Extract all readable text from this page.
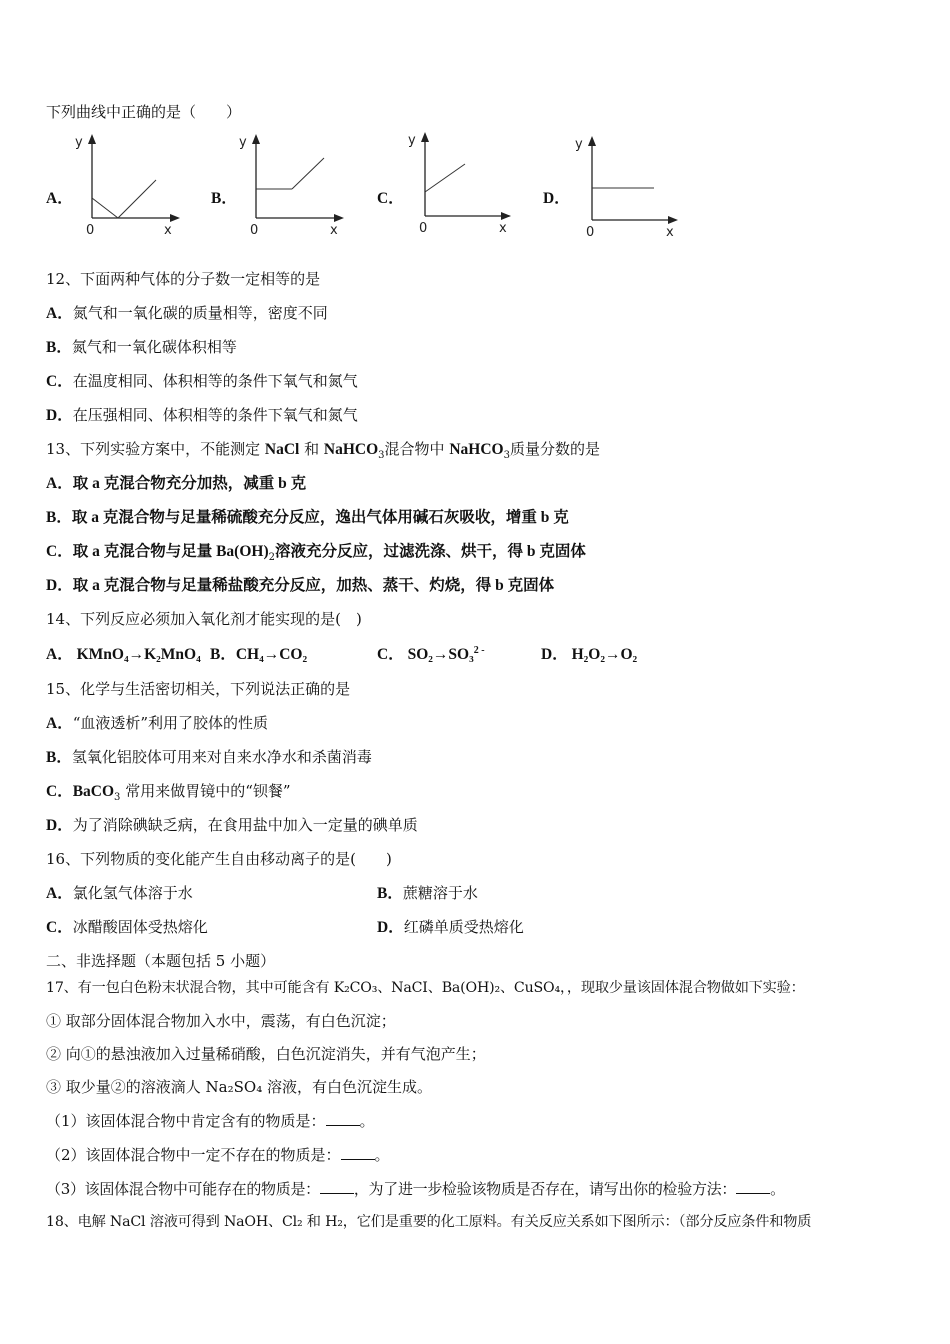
下列曲线中正确的是（　　）
A．
y
x
0
B．
y
x
0
C．
y
x
0
D．
y
x
0
12、下面两种气体的分子数一定相等的是
A．氮气和一氧化碳的质量相等，密度不同
B．氮气和一氧化碳体积相等
C．在温度相同、体积相等的条件下氧气和氮气
D．在压强相同、体积相等的条件下氧气和氮气
13、下列实验方案中，不能测定 NaCl 和 NaHCO$_3$混合物中 NaHCO$_3$质量分数的是
A．取 a 克混合物充分加热，减重 b 克
B．取 a 克混合物与足量稀硫酸充分反应，逸出气体用碱石灰吸收，增重 b 克
C．取 a 克混合物与足量 $Ba(OH)_2$溶液充分反应，过滤洗涤、烘干，得 b 克固体
D．取 a 克混合物与足量稀盐酸充分反应，加热、蒸干、灼烧，得 b 克固体
14、下列反应必须加入氧化剂才能实现的是(　)
A． KMnO₄→K₂MnO₄ B．CH₄→CO₂	C． SO₂→SO₃$^{2 -}$	D． H₂O₂→O₂
15、化学与生活密切相关，下列说法正确的是
A．“血液透析”利用了胶体的性质
B．氢氧化铝胶体可用来对自来水净水和杀菌消毒
C．BaCO$_3$ 常用来做胃镜中的“钡餐”
D．为了消除碘缺乏病，在食用盐中加入一定量的碘单质
16、下列物质的变化能产生自由移动离子的是(　　)
A．氯化氢气体溶于水	B．蔗糖溶于水
C．冰醋酸固体受热熔化	D．红磷单质受热熔化
二、非选择题（本题包括 5 小题）
17、有一包白色粉末状混合物，其中可能含有 K₂CO₃、NaCI、Ba(OH)₂、CuSO₄，，现取少量该固体混合物做如下实验：
① 取部分固体混合物加入水中，震荡，有白色沉淀；
② 向①的悬浊液加入过量稀硝酸，白色沉淀消失，并有气泡产生；
③ 取少量②的溶液滴人 Na₂SO₄ 溶液，有白色沉淀生成。
（1）该固体混合物中肯定含有的物质是： 。
（2）该固体混合物中一定不存在的物质是： 。
（3）该固体混合物中可能存在的物质是： ，为了进一步检验该物质是否存在，请写出你的检验方法： 。
18、电解 NaCl 溶液可得到 NaOH、Cl₂ 和 H₂，它们是重要的化工原料。有关反应关系如下图所示：（部分反应条件和物质
